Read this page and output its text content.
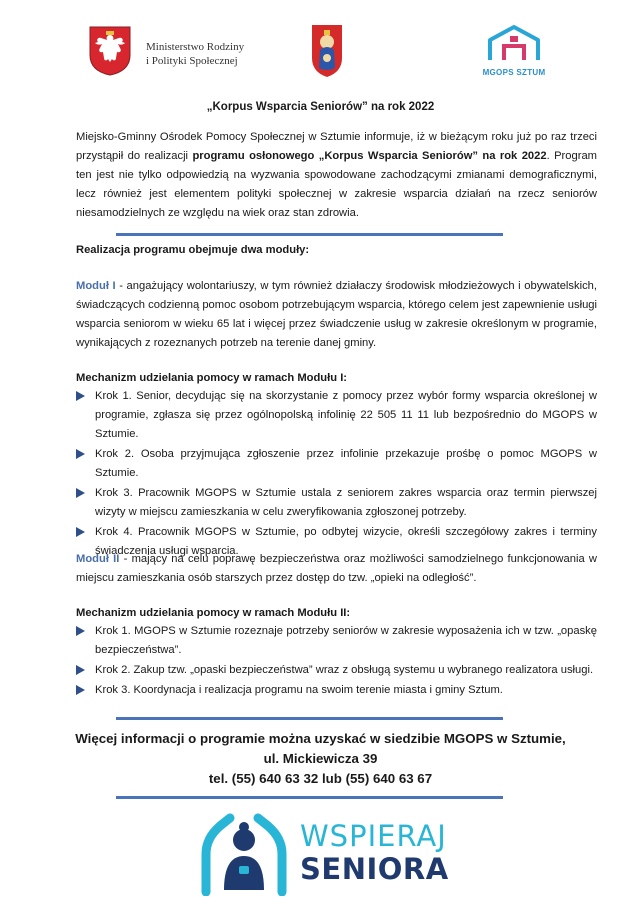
Ministerstwo Rodziny
i Polityki Społecznej
MGOPS SZTUM
„Korpus Wsparcia Seniorów” na rok 2022
Miejsko-Gminny Ośrodek Pomocy Społecznej w Sztumie informuje, iż w bieżącym roku już po raz trzeci przystąpił do realizacji programu osłonowego „Korpus Wsparcia Seniorów” na rok 2022. Program ten jest nie tylko odpowiedzią na wyzwania spowodowane zachodzącymi zmianami demograficznymi, lecz również jest elementem polityki społecznej w zakresie wsparcia działań na rzecz seniorów niesamodzielnych ze względu na wiek oraz stan zdrowia.
Realizacja programu obejmuje dwa moduły:
Moduł I - angażujący wolontariuszy, w tym również działaczy środowisk młodzieżowych i obywatelskich, świadczących codzienną pomoc osobom potrzebującym wsparcia, którego celem jest zapewnienie usługi wsparcia seniorom w wieku 65 lat i więcej przez świadczenie usług w zakresie określonym w programie, wynikających z rozeznanych potrzeb na terenie danej gminy.
Mechanizm udzielania pomocy w ramach Modułu I:
Krok 1. Senior, decydując się na skorzystanie z pomocy przez wybór formy wsparcia określonej w programie, zgłasza się przez ogólnopolską infolinię 22 505 11 11 lub bezpośrednio do MGOPS w Sztumie.
Krok 2. Osoba przyjmująca zgłoszenie przez infolinie przekazuje prośbę o pomoc MGOPS w Sztumie.
Krok 3. Pracownik MGOPS w Sztumie ustala z seniorem zakres wsparcia oraz termin pierwszej wizyty w miejscu zamieszkania w celu zweryfikowania zgłoszonej potrzeby.
Krok 4. Pracownik MGOPS w Sztumie, po odbytej wizycie, określi szczegółowy zakres i terminy świadczenia usługi wsparcia.
Moduł II - mający na celu poprawę bezpieczeństwa oraz możliwości samodzielnego funkcjonowania w miejscu zamieszkania osób starszych przez dostęp do tzw. „opieki na odległość”.
Mechanizm udzielania pomocy w ramach Modułu II:
Krok 1. MGOPS w Sztumie rozeznaje potrzeby seniorów w zakresie wyposażenia ich w tzw. „opaskę bezpieczeństwa”.
Krok 2. Zakup tzw. „opaski bezpieczeństwa” wraz z obsługą systemu u wybranego realizatora usługi.
Krok 3. Koordynacja i realizacja programu na swoim terenie miasta i gminy Sztum.
Więcej informacji o programie można uzyskać w siedzibie MGOPS w Sztumie,
ul. Mickiewicza 39
tel. (55) 640 63 32 lub (55) 640 63 67
WSPIERAJ
SENIORA
